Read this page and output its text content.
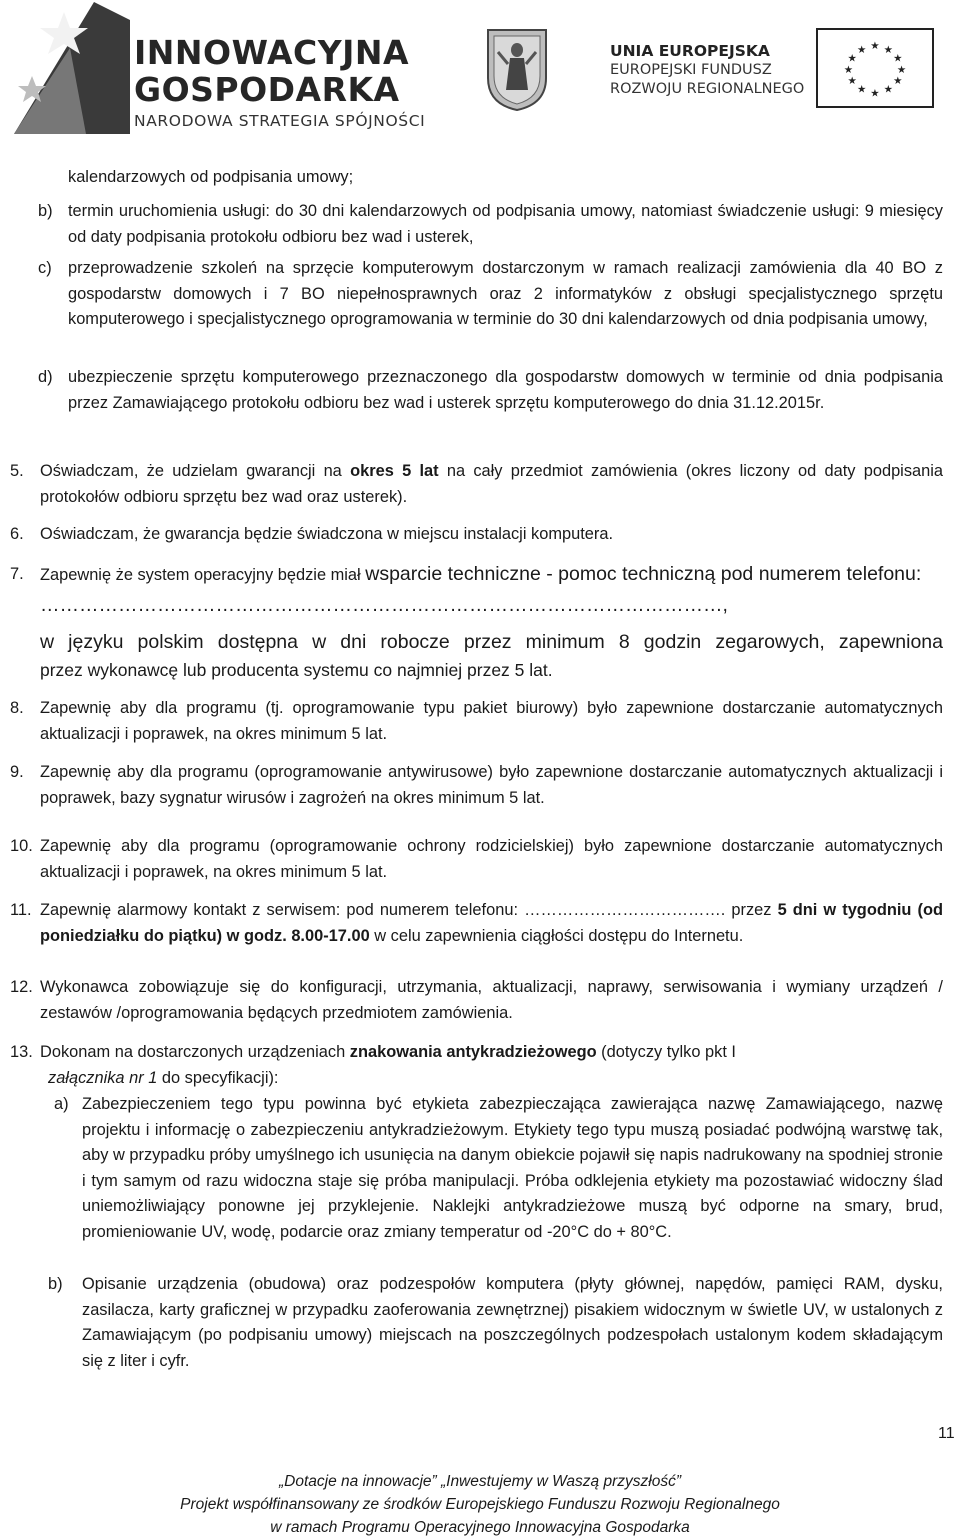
INNOWACYJNA
GOSPODARKA
NARODOWA STRATEGIA SPÓJNOŚCI
UNIA EUROPEJSKA
EUROPEJSKI FUNDUSZ
ROZWOJU REGIONALNEGO
★ ★
★
★
★
★
★
★
★
★
★
★
kalendarzowych od podpisania umowy;
b) termin uruchomienia usługi: do 30 dni kalendarzowych od podpisania umowy, natomiast świadczenie usługi: 9 miesięcy od daty podpisania protokołu odbioru bez wad i usterek,
c) przeprowadzenie szkoleń na sprzęcie komputerowym dostarczonym w ramach realizacji zamówienia dla 40 BO z gospodarstw domowych i 7 BO niepełnosprawnych oraz 2 informatyków z obsługi specjalistycznego sprzętu komputerowego i specjalistycznego oprogramowania w terminie do 30 dni kalendarzowych od dnia podpisania umowy,
d) ubezpieczenie sprzętu komputerowego przeznaczonego dla gospodarstw domowych w terminie od dnia podpisania przez Zamawiającego protokołu odbioru bez wad i usterek sprzętu komputerowego do dnia 31.12.2015r.
5. Oświadczam, że udzielam gwarancji na okres 5 lat na cały przedmiot zamówienia (okres liczony od daty podpisania protokołów odbioru sprzętu bez wad oraz usterek).
6. Oświadczam, że gwarancja będzie świadczona w miejscu instalacji komputera.
7. Zapewnię że system operacyjny będzie miał wsparcie techniczne - pomoc techniczną pod numerem telefonu: ……………………………………………………………………………………………,
w języku polskim dostępna w dni robocze przez minimum 8 godzin zegarowych, zapewniona
przez wykonawcę lub producenta systemu co najmniej przez 5 lat.
8. Zapewnię aby dla programu (tj. oprogramowanie typu pakiet biurowy) było zapewnione dostarczanie automatycznych aktualizacji i poprawek, na okres minimum 5 lat.
9. Zapewnię aby dla programu (oprogramowanie antywirusowe) było zapewnione dostarczanie automatycznych aktualizacji i poprawek, bazy sygnatur wirusów i zagrożeń na okres minimum 5 lat.
10. Zapewnię aby dla programu (oprogramowanie ochrony rodzicielskiej) było zapewnione dostarczanie automatycznych aktualizacji i poprawek, na okres minimum 5 lat.
11. Zapewnię alarmowy kontakt z serwisem: pod numerem telefonu: ………………………………. przez 5 dni w tygodniu (od poniedziałku do piątku) w godz. 8.00-17.00 w celu zapewnienia ciągłości dostępu do Internetu.
12. Wykonawca zobowiązuje się do konfiguracji, utrzymania, aktualizacji, naprawy, serwisowania i wymiany urządzeń / zestawów /oprogramowania będących przedmiotem zamówienia.
13. Dokonam na dostarczonych urządzeniach znakowania antykradzieżowego (dotyczy tylko pkt I
załącznika nr 1 do specyfikacji):
a) Zabezpieczeniem tego typu powinna być etykieta zabezpieczająca zawierająca nazwę Zamawiającego, nazwę projektu i informację o zabezpieczeniu antykradzieżowym. Etykiety tego typu muszą posiadać podwójną warstwę tak, aby w przypadku próby umyślnego ich usunięcia na danym obiekcie pojawił się napis nadrukowany na spodniej stronie i tym samym od razu widoczna staje się próba manipulacji. Próba odklejenia etykiety ma pozostawiać widoczny ślad uniemożliwiający ponowne jej przyklejenie. Naklejki antykradzieżowe muszą być odporne na smary, brud, promieniowanie UV, wodę, podarcie oraz zmiany temperatur od -20°C do + 80°C.
b)	Opisanie urządzenia (obudowa) oraz podzespołów komputera (płyty głównej, napędów, pamięci RAM, dysku, zasilacza, karty graficznej w przypadku zaoferowania zewnętrznej) pisakiem widocznym w świetle UV, w ustalonych z Zamawiającym (po podpisaniu umowy) miejscach na poszczególnych podzespołach ustalonym kodem składającym się z liter i cyfr.
11
„Dotacje na innowacje” „Inwestujemy w Waszą przyszłość”
Projekt współfinansowany ze środków Europejskiego Funduszu Rozwoju Regionalnego
w ramach Programu Operacyjnego Innowacyjna Gospodarka
